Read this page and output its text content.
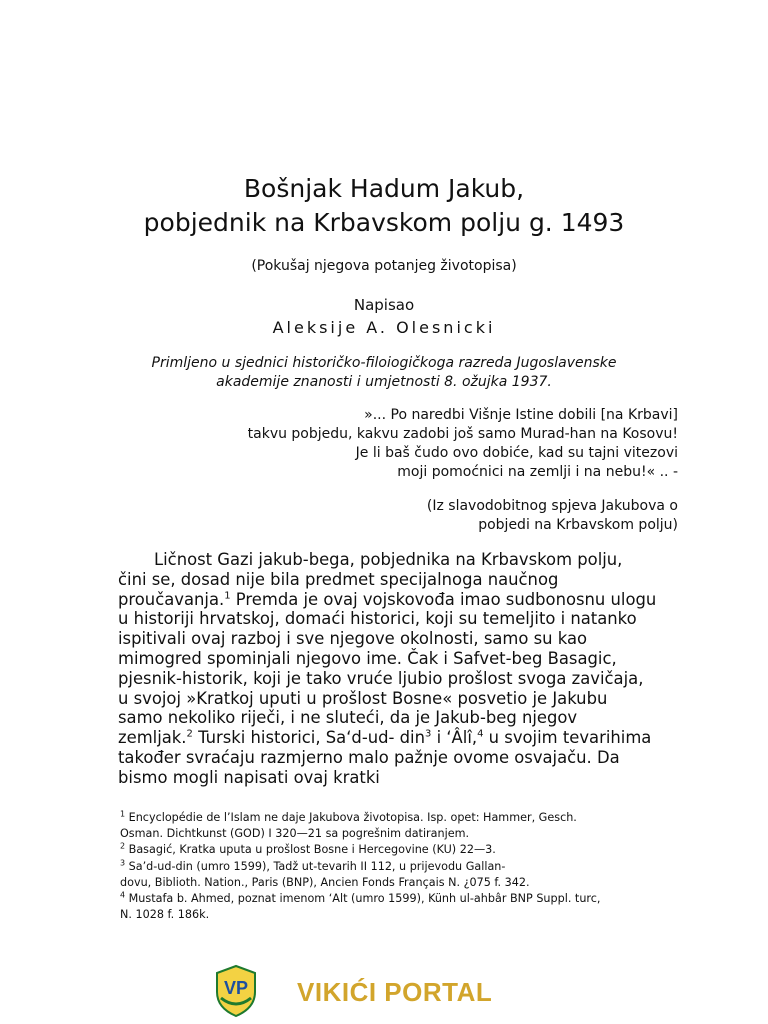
Bošnjak Hadum Jakub,
pobjednik na Krbavskom polju g. 1493
(Pokušaj njegova potanjeg životopisa)
Napisao
Aleksije A. Olesnicki
Primljeno u sjednici historičko-filoiogičkoga razreda Jugoslavenske
akademije znanosti i umjetnosti 8. ožujka 1937.
»... Po naredbi Višnje Istine dobili [na Krbavi]
takvu pobjedu, kakvu zadobi još samo Murad-han na Kosovu!
Je li baš čudo ovo dobiće, kad su tajni vitezovi
moji pomoćnici na zemlji i na nebu!« .. -
(Iz slavodobitnog spjeva Jakubova o
pobjedi na Krbavskom polju)
Ličnost Gazi jakub-bega, pobjednika na Krbavskom polju,
čini se, dosad nije bila predmet specijalnoga naučnog
proučavanja.$^1$ Premda je ovaj vojskovođa imao sudbonosnu ulogu
u historiji hrvatskoj, domaći historici, koji su temeljito i natanko
ispitivali ovaj razboj i sve njegove okolnosti, samo su kao
mimogred spominjali njegovo ime. Čak i Safvet-beg Basagic,
pjesnik-historik, koji je tako vruće ljubio prošlost svoga zavičaja,
u svojoj »Kratkoj uputi u prošlost Bosne« posvetio je Jakubu
samo nekoliko riječi, i ne sluteći, da je Jakub-beg njegov
zemljak.$^2$ Turski historici, Sa‘d-ud- din$^3$ i ‘Âlî,$^4$ u svojim tevarihima
također svraćaju razmjerno malo pažnje ovome osvajaču. Da
bismo mogli napisati ovaj kratki
$^1$ Encyclopédie de l’Islam ne daje Jakubova životopisa. Isp. opet: Hammer, Gesch.
Osman. Dichtkunst (GOD) I 320—21 sa pogrešnim datiranjem.
$^2$ Basagić, Kratka uputa u prošlost Bosne i Hercegovine (KU) 22—3.
$^3$ Sa’d-ud-din (umro 1599), Tadž ut-tevarih II 112, u prijevodu Gallan-
dovu, Biblioth. Nation., Paris (BNP), Ancien Fonds Français N. ¿075 f. 342.
$^4$ Mustafa b. Ahmed, poznat imenom ‘Alt (umro 1599), Künh ul-ahbâr BNP Suppl. turc,
N. 1028 f. 186k.
VP VIKIĆI PORTAL
